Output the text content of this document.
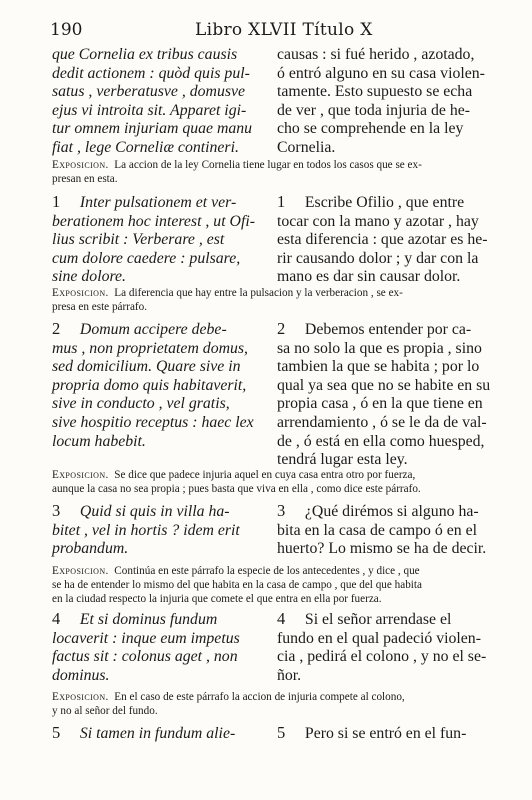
190	Libro XLVII Título X
que Cornelia ex tribus causis
dedit actionem : quòd quis pul-
satus , verberatusve , domusve
ejus vi introita sit. Apparet igi-
tur omnem injuriam quae manu
fiat , lege Corneliæ contineri.
causas : si fué herido , azotado,
ó entró alguno en su casa violen-
tamente. Esto supuesto se echa
de ver , que toda injuria de he-
cho se comprehende en la ley
Cornelia.
Exposicion. La accion de la ley Cornelia tiene lugar en todos los casos que se ex-
presan en esta.
1 Inter pulsationem et ver-
berationem hoc interest , ut Ofi-
lius scribit : Verberare , est
cum dolore caedere : pulsare,
sine dolore.
1 Escribe Ofilio , que entre
tocar con la mano y azotar , hay
esta diferencia : que azotar es he-
rir causando dolor ; y dar con la
mano es dar sin causar dolor.
Exposicion. La diferencia que hay entre la pulsacion y la verberacion , se ex-
presa en este párrafo.
2 Domum accipere debe-
mus , non proprietatem domus,
sed domicilium. Quare sive in
propria domo quis habitaverit,
sive in conducto , vel gratis,
sive hospitio receptus : haec lex
locum habebit.
2 Debemos entender por ca-
sa no solo la que es propia , sino
tambien la que se habita ; por lo
qual ya sea que no se habite en su
propia casa , ó en la que tiene en
arrendamiento , ó se le da de val-
de , ó está en ella como huesped,
tendrá lugar esta ley.
Exposicion. Se dice que padece injuria aquel en cuya casa entra otro por fuerza,
aunque la casa no sea propia ; pues basta que viva en ella , como dice este párrafo.
3 Quid si quis in villa ha-
bitet , vel in hortis ? idem erit
probandum.
3 ¿Qué dirémos si alguno ha-
bita en la casa de campo ó en el
huerto? Lo mismo se ha de decir.
Exposicion. Continúa en este párrafo la especie de los antecedentes , y dice , que
se ha de entender lo mismo del que habita en la casa de campo , que del que habita
en la ciudad respecto la injuria que comete el que entra en ella por fuerza.
4 Et si dominus fundum
locaverit : inque eum impetus
factus sit : colonus aget , non
dominus.
4 Si el señor arrendase el
fundo en el qual padeció violen-
cia , pedirá el colono , y no el se-
ñor.
Exposicion. En el caso de este párrafo la accion de injuria compete al colono,
y no al señor del fundo.
5 Si tamen in fundum alie-	5 Pero si se entró en el fun-
